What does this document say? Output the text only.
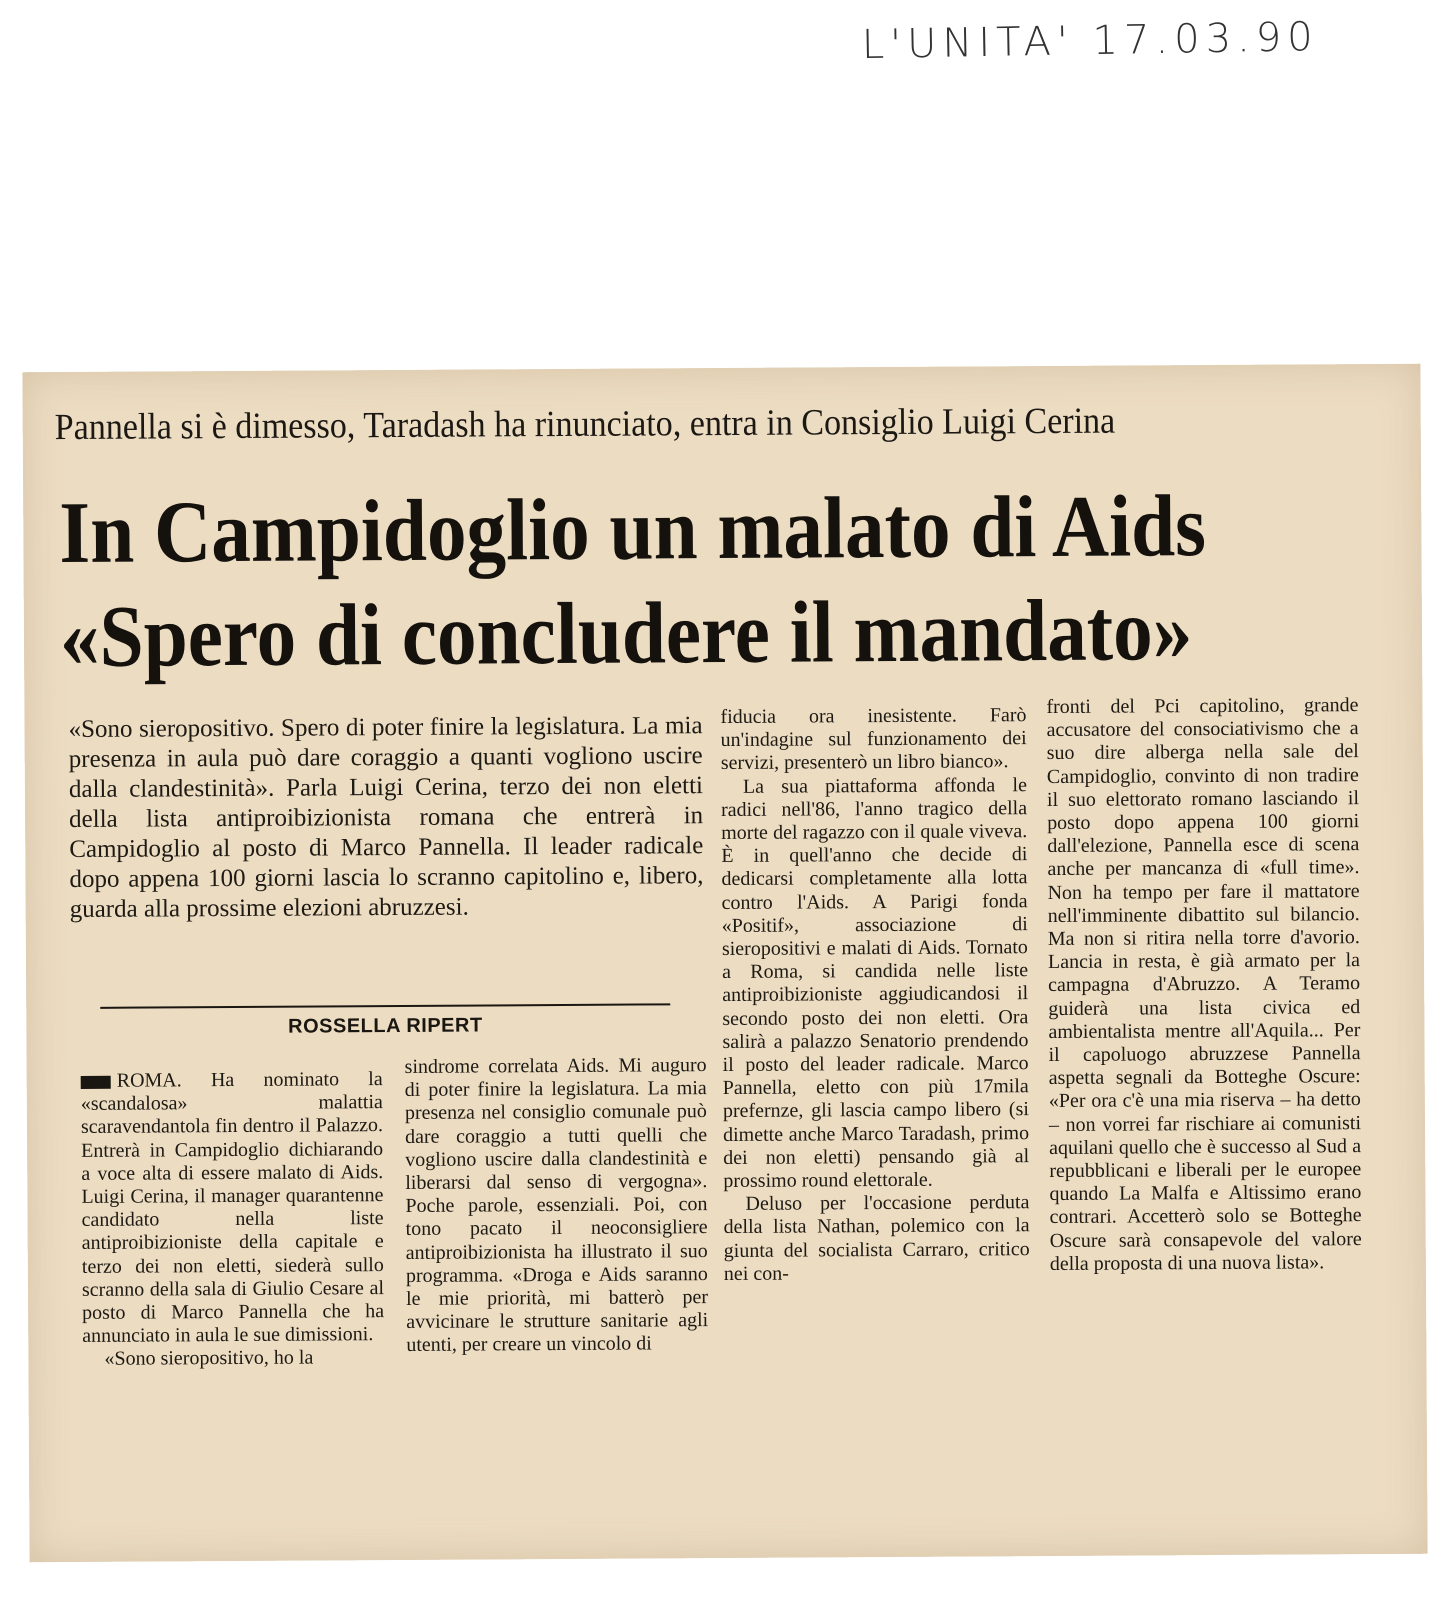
L'UNITA' 17.03.90
Pannella si è dimesso, Taradash ha rinunciato, entra in Consiglio Luigi Cerina
In Campidoglio un malato di Aids
«Spero di concludere il mandato»
«Sono sieropositivo. Spero di poter finire la legislatura. La mia presenza in aula può dare coraggio a quanti vogliono uscire dalla clandestinità». Parla Luigi Cerina, terzo dei non eletti della lista antiproibizionista romana che entrerà in Campidoglio al posto di Marco Pannella. Il leader radicale dopo appena 100 giorni lascia lo scranno capitolino e, libero, guarda alla prossime elezioni abruzzesi.
ROSSELLA RIPERT

ROMA. Ha nominato la «scandalosa» malattia scaravendantola fin dentro il Palazzo. Entrerà in Campidoglio dichiarando a voce alta di essere malato di Aids. Luigi Cerina, il manager quarantenne candidato nella liste antiproibizioniste della capitale e terzo dei non eletti, siederà sullo scranno della sala di Giulio Cesare al posto di Marco Pannella che ha annunciato in aula le sue dimissioni.

«Sono sieropositivo, ho la

sindrome correlata Aids. Mi auguro di poter finire la legislatura. La mia presenza nel consiglio comunale può dare coraggio a tutti quelli che vogliono uscire dalla clandestinità e liberarsi dal senso di vergogna». Poche parole, essenziali. Poi, con tono pacato il neoconsigliere antiproibizionista ha illustrato il suo programma. «Droga e Aids saranno le mie priorità, mi batterò per avvicinare le strutture sanitarie agli utenti, per creare un vincolo di

fiducia ora inesistente. Farò un'indagine sul funzionamento dei servizi, presenterò un libro bianco».

La sua piattaforma affonda le radici nell'86, l'anno tragico della morte del ragazzo con il quale viveva. È in quell'anno che decide di dedicarsi completamente alla lotta contro l'Aids. A Parigi fonda «Positif», associazione di sieropositivi e malati di Aids. Tornato a Roma, si candida nelle liste antiproibizioniste aggiudicandosi il secondo posto dei non eletti. Ora salirà a palazzo Senatorio prendendo il posto del leader radicale. Marco Pannella, eletto con più 17mila prefernze, gli lascia campo libero (si dimette anche Marco Taradash, primo dei non eletti) pensando già al prossimo round elettorale.

Deluso per l'occasione perduta della lista Nathan, polemico con la giunta del socialista Carraro, critico nei con-

fronti del Pci capitolino, grande accusatore del consociativismo che a suo dire alberga nella sale del Campidoglio, convinto di non tradire il suo elettorato romano lasciando il posto dopo appena 100 giorni dall'elezione, Pannella esce di scena anche per mancanza di «full time». Non ha tempo per fare il mattatore nell'imminente dibattito sul bilancio. Ma non si ritira nella torre d'avorio. Lancia in resta, è già armato per la campagna d'Abruzzo. A Teramo guiderà una lista civica ed ambientalista mentre all'Aquila... Per il capoluogo abruzzese Pannella aspetta segnali da Botteghe Oscure: «Per ora c'è una mia riserva – ha detto – non vorrei far rischiare ai comunisti aquilani quello che è successo al Sud a repubblicani e liberali per le europee quando La Malfa e Altissimo erano contrari. Accetterò solo se Botteghe Oscure sarà consapevole del valore della proposta di una nuova lista».
